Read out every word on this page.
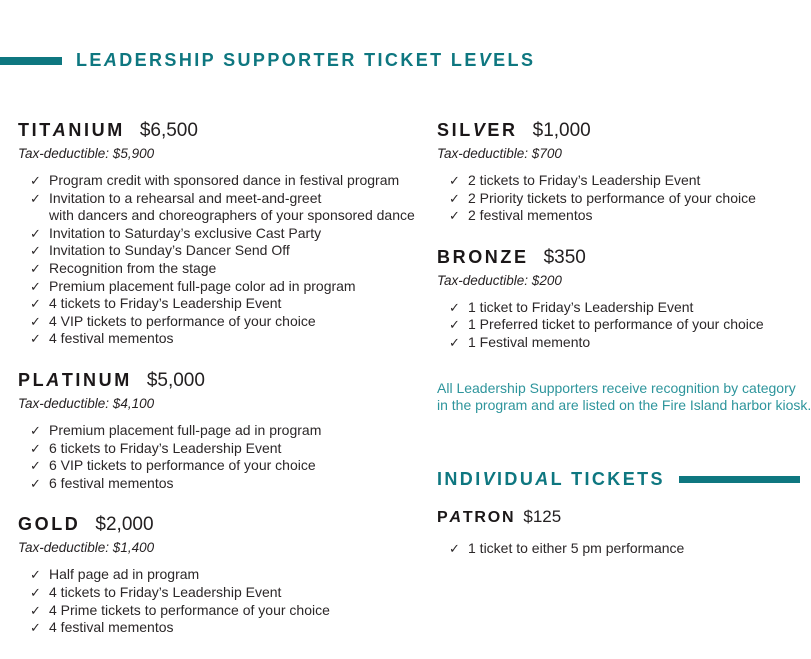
LEADERSHIP SUPPORTER TICKET LEVELS
TITANIUM $6,500
Tax-deductible: $5,900
✓ Program credit with sponsored dance in festival program
✓ Invitation to a rehearsal and meet-and-greet
with dancers and choreographers of your sponsored dance
✓ Invitation to Saturday’s exclusive Cast Party
✓ Invitation to Sunday’s Dancer Send Off
✓ Recognition from the stage
✓ Premium placement full-page color ad in program
✓ 4 tickets to Friday’s Leadership Event
✓ 4 VIP tickets to performance of your choice
✓ 4 festival mementos
PLATINUM $5,000
Tax-deductible: $4,100
✓ Premium placement full-page ad in program
✓ 6 tickets to Friday’s Leadership Event
✓ 6 VIP tickets to performance of your choice
✓ 6 festival mementos
GOLD $2,000
Tax-deductible: $1,400
✓ Half page ad in program
✓ 4 tickets to Friday’s Leadership Event
✓ 4 Prime tickets to performance of your choice
✓ 4 festival mementos
SILVER $1,000
Tax-deductible: $700
✓ 2 tickets to Friday’s Leadership Event
✓ 2 Priority tickets to performance of your choice
✓ 2 festival mementos
BRONZE $350
Tax-deductible: $200
✓ 1 ticket to Friday’s Leadership Event
✓ 1 Preferred ticket to performance of your choice
✓ 1 Festival memento

All Leadership Supporters receive recognition by category
in the program and are listed on the Fire Island harbor kiosk.

INDIVIDUAL TICKETS
PATRON $125
✓ 1 ticket to either 5 pm performance
